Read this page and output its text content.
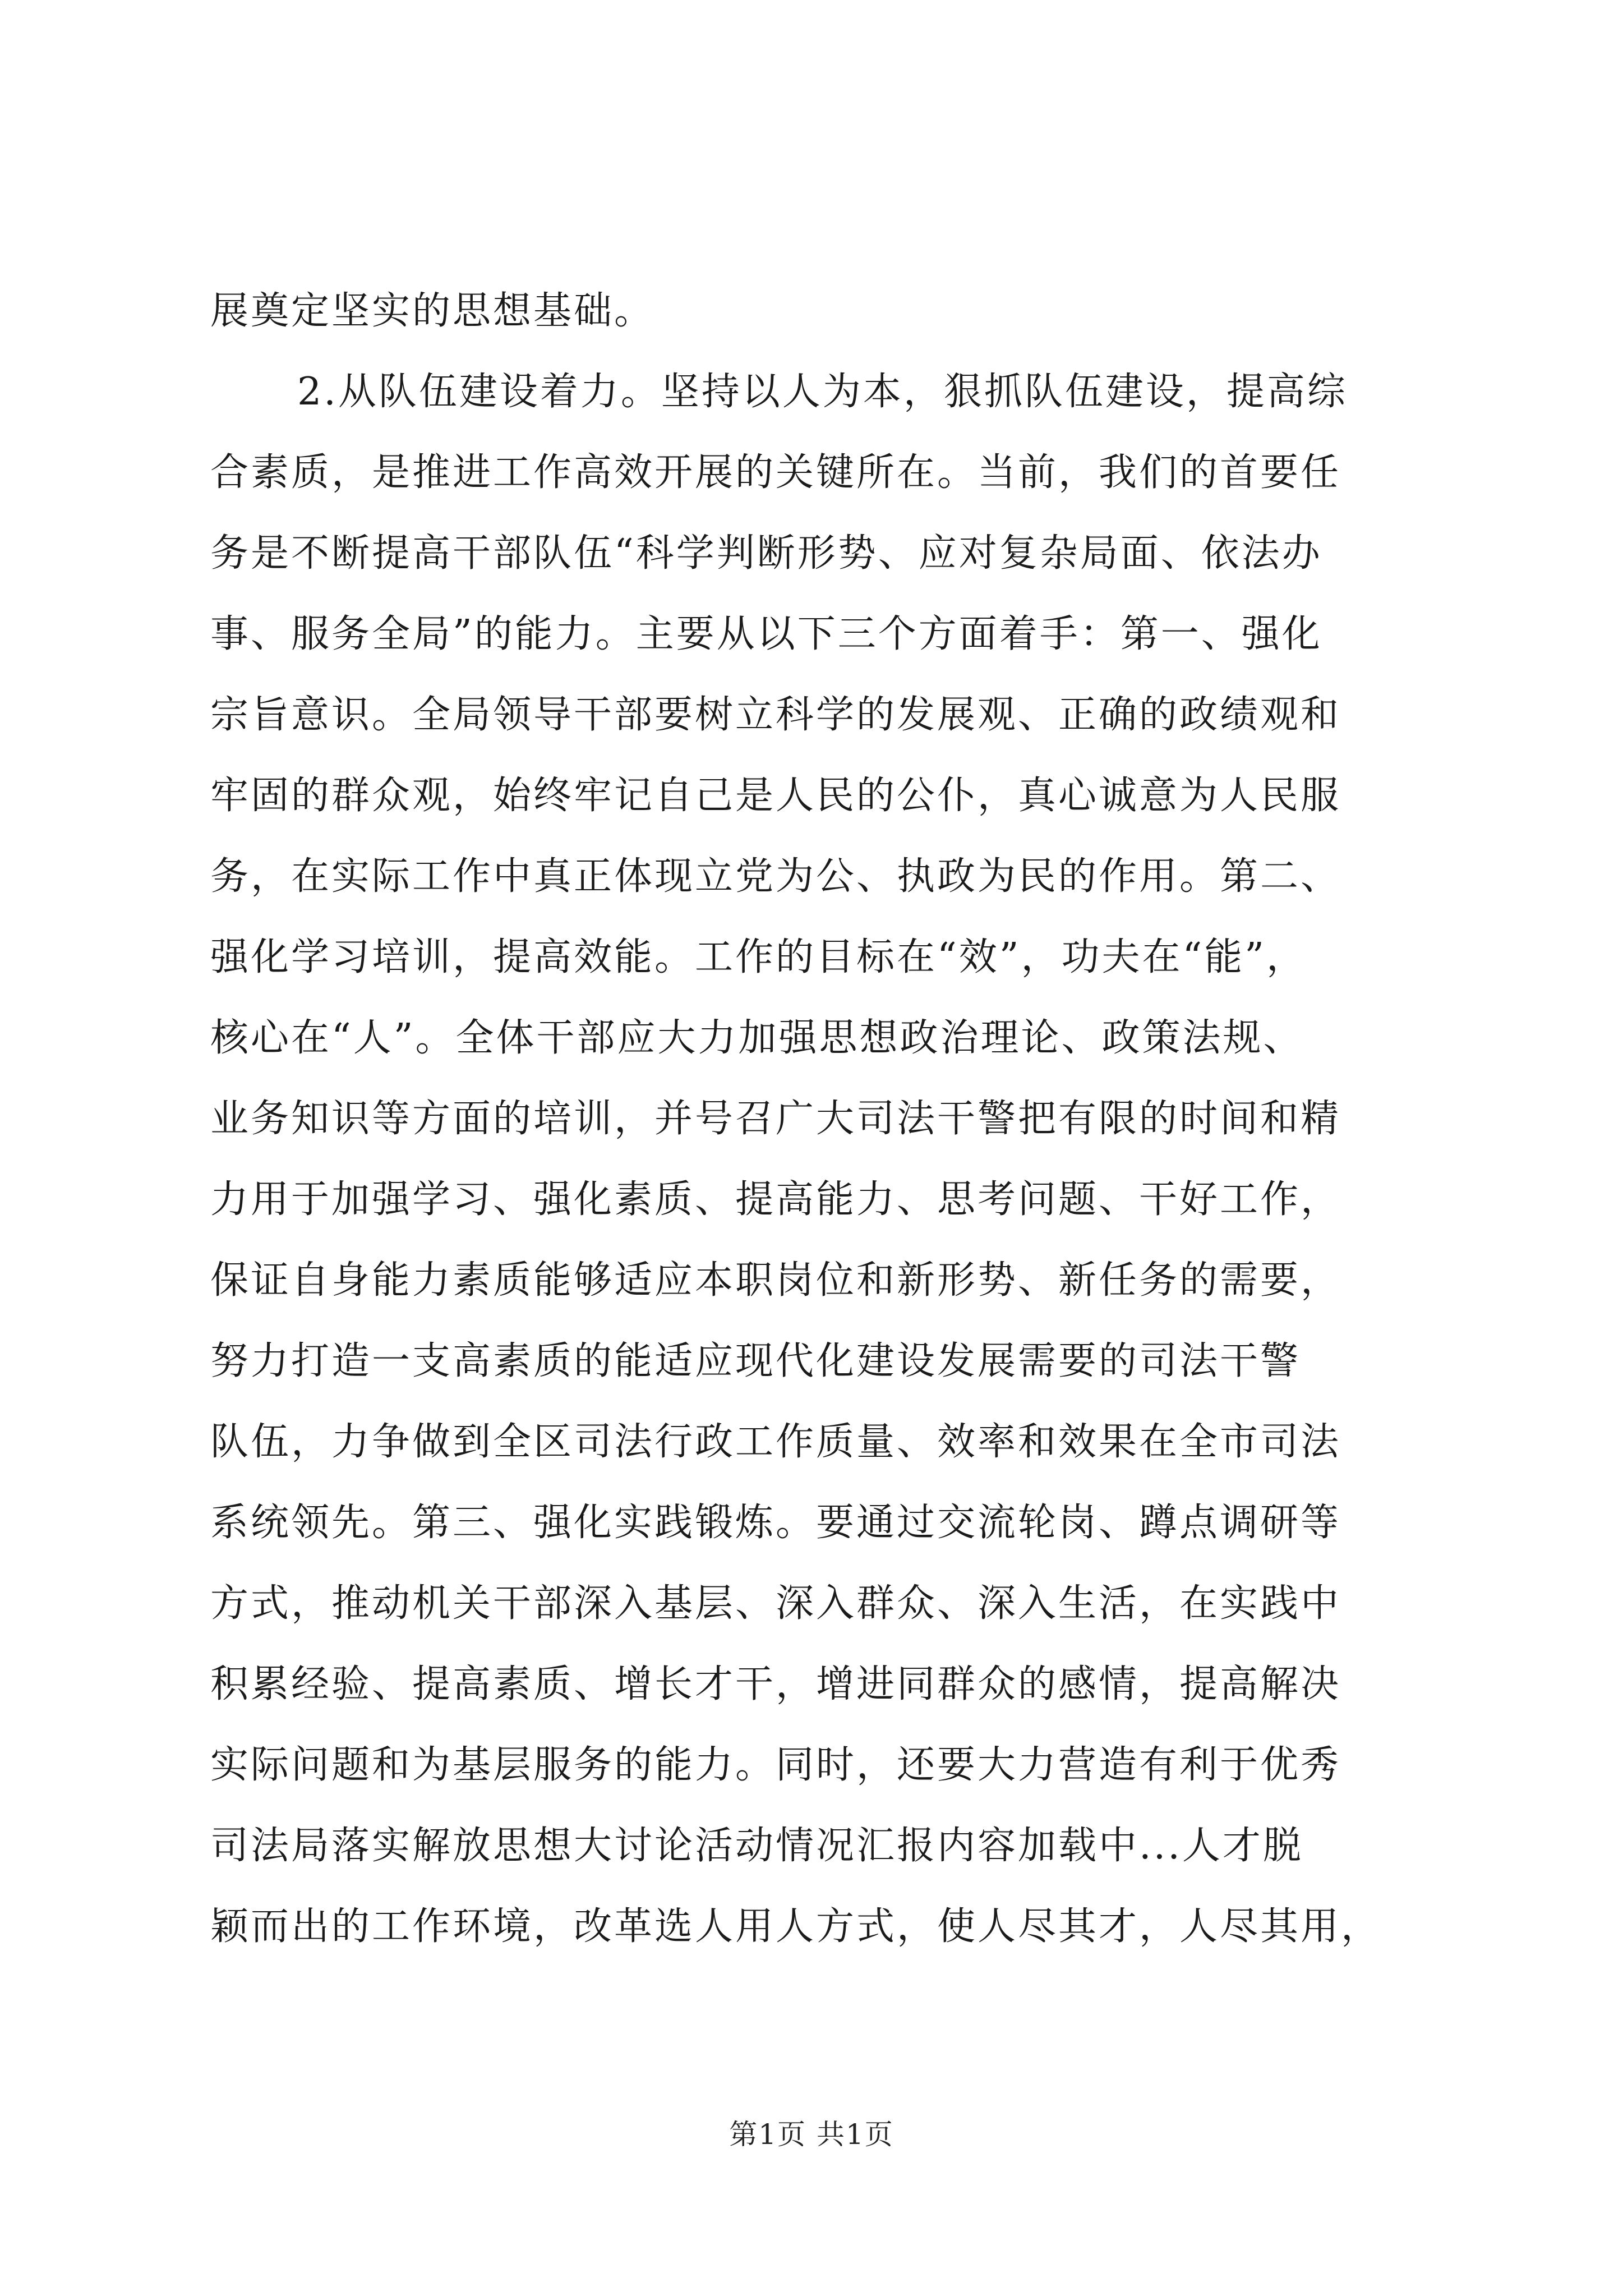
展奠定坚实的思想基础。
2.从队伍建设着力。坚持以人为本，狠抓队伍建设，提高综
合素质，是推进工作高效开展的关键所在。当前，我们的首要任
务是不断提高干部队伍“科学判断形势、应对复杂局面、依法办
事、服务全局”的能力。主要从以下三个方面着手：第一、强化
宗旨意识。全局领导干部要树立科学的发展观、正确的政绩观和
牢固的群众观，始终牢记自己是人民的公仆，真心诚意为人民服
务，在实际工作中真正体现立党为公、执政为民的作用。第二、
强化学习培训，提高效能。工作的目标在“效”，功夫在“能”，
核心在“人”。全体干部应大力加强思想政治理论、政策法规、
业务知识等方面的培训，并号召广大司法干警把有限的时间和精
力用于加强学习、强化素质、提高能力、思考问题、干好工作，
保证自身能力素质能够适应本职岗位和新形势、新任务的需要，
努力打造一支高素质的能适应现代化建设发展需要的司法干警
队伍，力争做到全区司法行政工作质量、效率和效果在全市司法
系统领先。第三、强化实践锻炼。要通过交流轮岗、蹲点调研等
方式，推动机关干部深入基层、深入群众、深入生活，在实践中
积累经验、提高素质、增长才干，增进同群众的感情，提高解决
实际问题和为基层服务的能力。同时，还要大力营造有利于优秀
司法局落实解放思想大讨论活动情况汇报内容加载中...人才脱
颖而出的工作环境，改革选人用人方式，使人尽其才，人尽其用，
第1页 共1页
